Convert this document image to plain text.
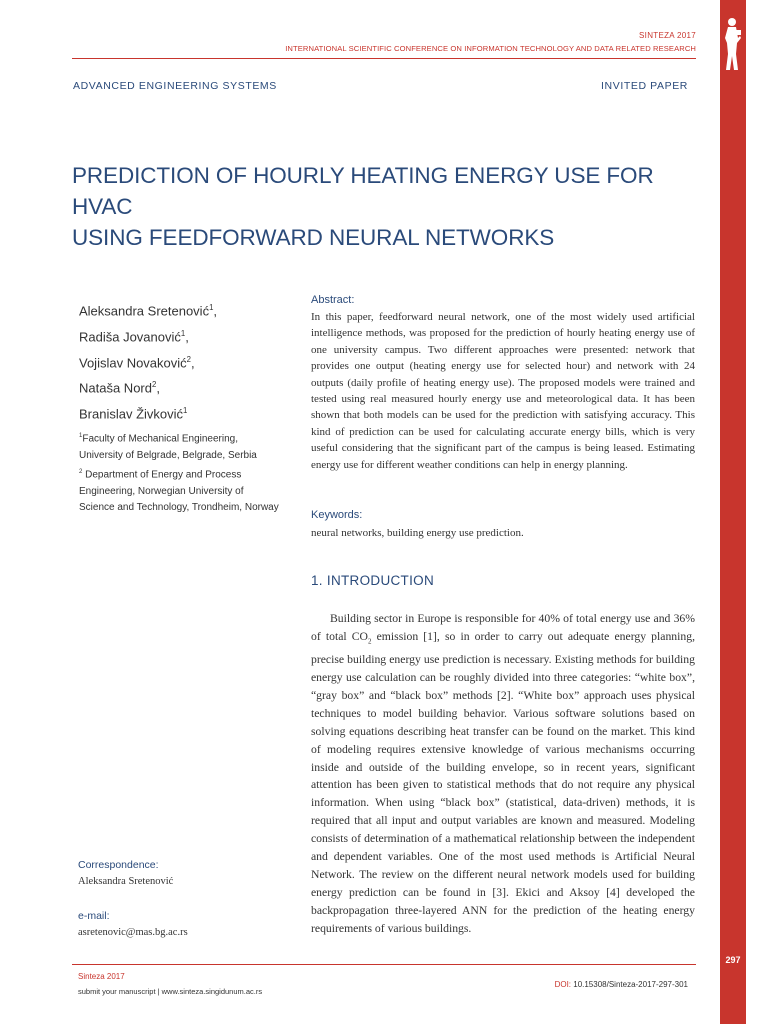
297
SINTEZA 2017
INTERNATIONAL SCIENTIFIC CONFERENCE ON INFORMATION TECHNOLOGY AND DATA RELATED RESEARCH
ADVANCED ENGINEERING SYSTEMS	INVITED PAPER
PREDICTION OF HOURLY HEATING ENERGY USE FOR HVAC
USING FEEDFORWARD NEURAL NETWORKS
Aleksandra Sretenović$^1$,
Radiša Jovanović$^1$,
Vojislav Novaković$^2$,
Nataša Nord$^2$,
Branislav Živković$^1$
$^1$Faculty of Mechanical Engineering, University of Belgrade, Belgrade, Serbia
$^2$ Department of Energy and Process Engineering, Norwegian University of Science and Technology, Trondheim, Norway
Abstract:
In this paper, feedforward neural network, one of the most widely used artificial intelligence methods, was proposed for the prediction of hourly heating energy use of one university campus. Two different approaches were presented: network that provides one output (heating energy use for selected hour) and network with 24 outputs (daily profile of heating energy use). The proposed models were trained and tested using real measured hourly energy use and meteorological data. It has been shown that both models can be used for the prediction with satisfying accuracy. This kind of prediction can be used for calculating accurate energy bills, which is very useful considering that the significant part of the campus is being leased. Estimating energy use for different weather conditions can help in energy planning.
Keywords:
neural networks, building energy use prediction.
1. INTRODUCTION

Building sector in Europe is responsible for 40% of total energy use and 36% of total $CO_2$ emission [1], so in order to carry out adequate energy planning, precise building energy use prediction is necessary. Existing methods for building energy use calculation can be roughly divided into three categories: “white box”, “gray box” and “black box” methods [2]. “White box” approach uses physical techniques to model building behavior. Various software solutions based on solving equations describing heat transfer can be found on the market. This kind of modeling requires extensive knowledge of various mechanisms occurring inside and outside of the building envelope, so in recent years, significant attention has been given to statistical methods that do not require any physical information. When using “black box” (statistical, data-driven) methods, it is required that all input and output variables are known and measured. Modeling consists of determination of a mathematical relationship between the independent and dependent variables. One of the most used methods is Artificial Neural Network. The review on the different neural network models used for building energy prediction can be found in [3]. Ekici and Aksoy [4] developed the backpropagation three-layered ANN for the prediction of the heating energy requirements of various buildings.

Correspondence:
Aleksandra Sretenović
e-mail:
asretenovic@mas.bg.ac.rs
Sinteza 2017
submit your manuscript | www.sinteza.singidunum.ac.rs
DOI: 10.15308/Sinteza-2017-297-301
